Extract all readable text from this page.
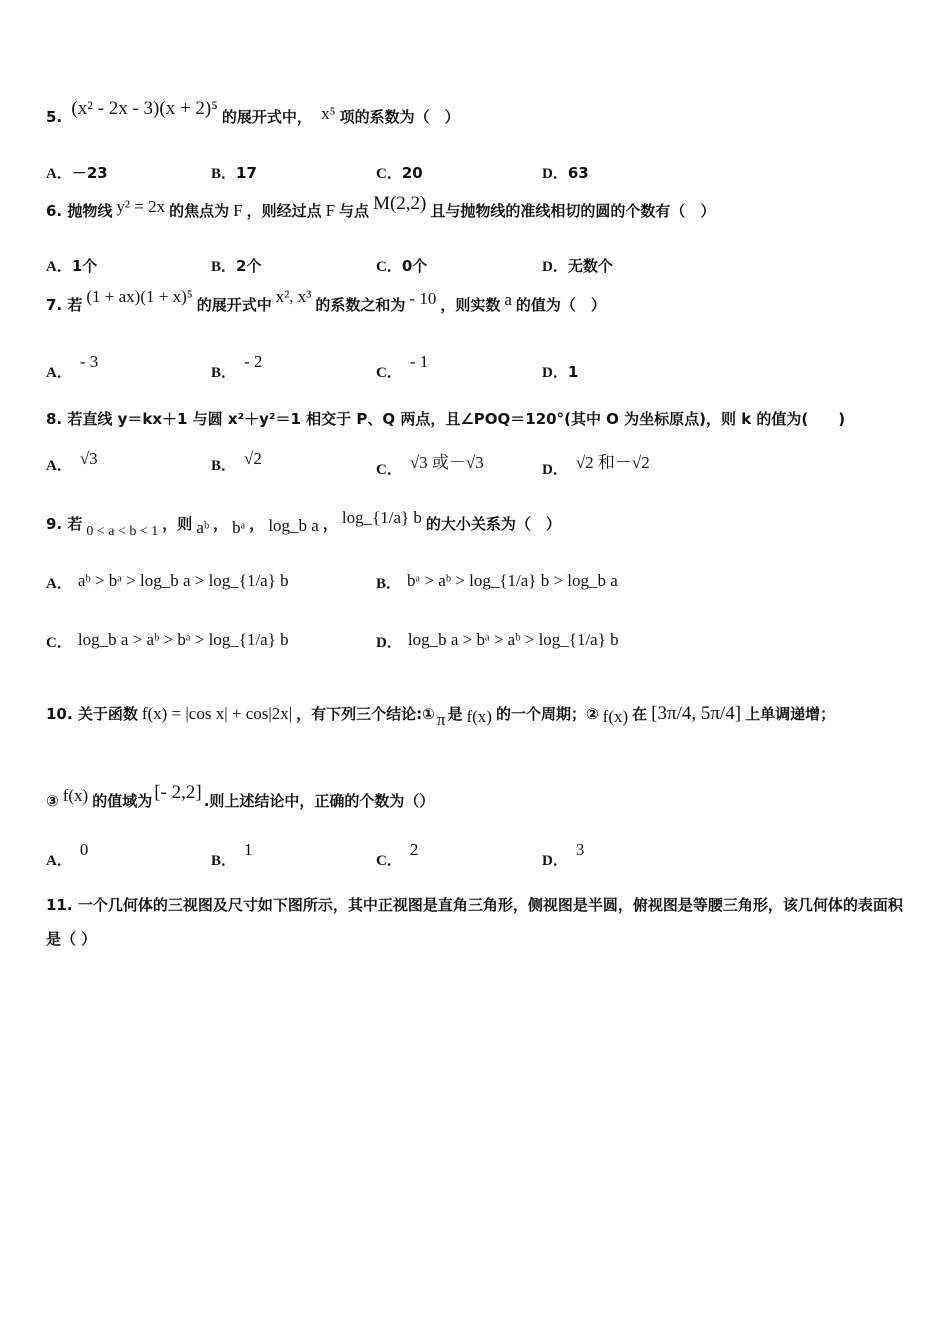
5. (x² - 2x - 3)(x + 2)⁵ 的展开式中， x⁵ 项的系数为（　）
A．－23	B．17	C．20	D．63
6. 抛物线 y² = 2x 的焦点为 F ，则经过点 F 与点 M(2,2) 且与抛物线的准线相切的圆的个数有（　）
A．1个	B．2个	C．0个	D．无数个
7. 若 (1 + ax)(1 + x)⁵ 的展开式中 x², x³ 的系数之和为 - 10 ，则实数 a 的值为（　）
A．- 3
B．- 2
C．- 1
D．1
8. 若直线 y＝kx＋1 与圆 x²＋y²＝1 相交于 P、Q 两点，且∠POQ＝120°(其中 O 为坐标原点)，则 k 的值为(　　)
A． √3	B． √2
C． √3 或－√3	D． √2 和－√2
9. 若 0 < a < b < 1 ，则 aᵇ ， bᵃ ， log_b a ， log_{1/a} b 的大小关系为（　）
A． aᵇ > bᵃ > log_b a > log_{1/a} b	B． bᵃ > aᵇ > log_{1/a} b > log_b a
C． log_b a > aᵇ > bᵃ > log_{1/a} b	D． log_b a > bᵃ > aᵇ > log_{1/a} b
10. 关于函数 f(x) = |cos x| + cos|2x| ，有下列三个结论:① π 是 f(x) 的一个周期；② f(x) 在 [3π/4, 5π/4] 上单调递增；
③ f(x) 的值域为 [- 2,2] .则上述结论中，正确的个数为（）
A．0
B．1
C．2
D．3
11. 一个几何体的三视图及尺寸如下图所示，其中正视图是直角三角形，侧视图是半圆，俯视图是等腰三角形，该几何体的表面积是（ ）
